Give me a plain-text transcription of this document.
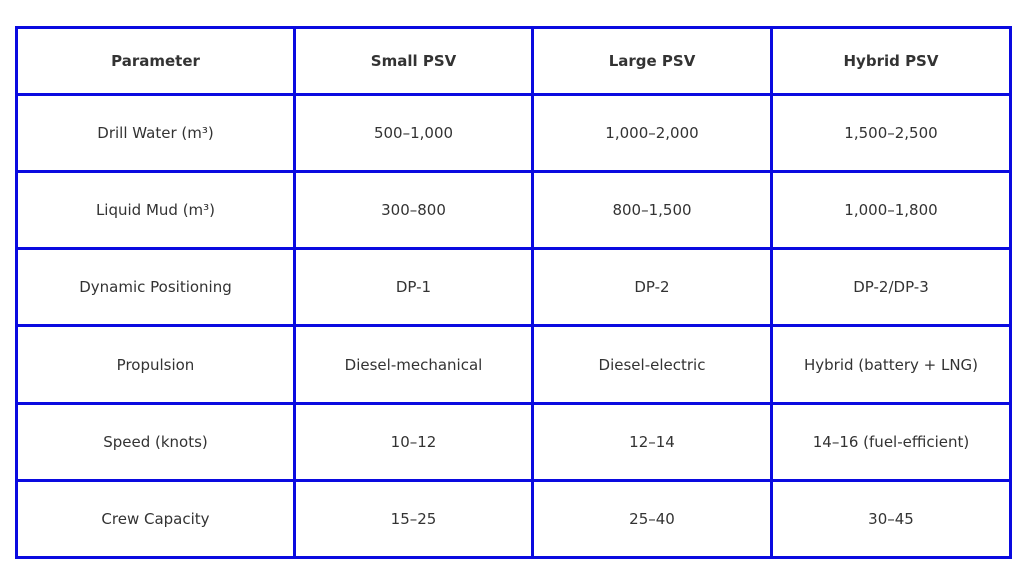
Parameter	Small PSV	Large PSV	Hybrid PSV
Drill Water (m³)	500–1,000	1,000–2,000	1,500–2,500
Liquid Mud (m³)	300–800	800–1,500	1,000–1,800
Dynamic Positioning	DP-1	DP-2	DP-2/DP-3
Propulsion	Diesel-mechanical	Diesel-electric	Hybrid (battery + LNG)
Speed (knots)	10–12	12–14	14–16 (fuel-efficient)
Crew Capacity	15–25	25–40	30–45
